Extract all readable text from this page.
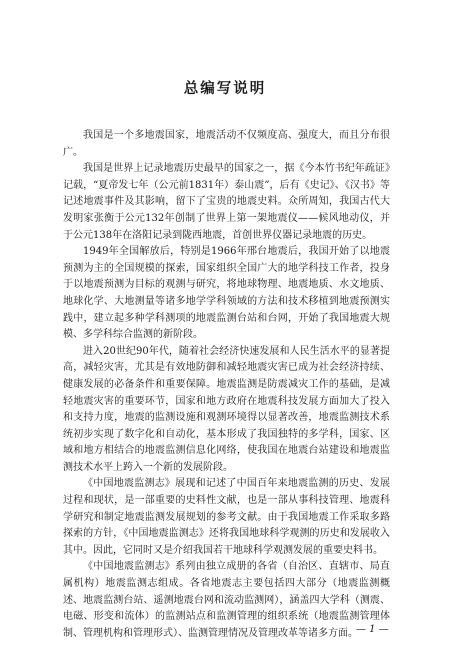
总编写说明

我国是一个多地震国家，地震活动不仅频度高、强度大，而且分布很广。

我国是世界上记录地震历史最早的国家之一，据《今本竹书纪年疏证》记载，“夏帝发七年（公元前1831年）泰山震”，后有《史记》、《汉书》等记述地震事件及其影响，留下了宝贵的地震史料。众所周知，我国古代大发明家张衡于公元132年创制了世界上第一架地震仪——候风地动仪，并于公元138年在洛阳记录到陇西地震，首创世界仪器记录地震的历史。

1949年全国解放后，特别是1966年邢台地震后，我国开始了以地震预测为主的全国规模的探索，国家组织全国广大的地学科技工作者，投身于以地震预测为目标的观测与研究，将地球物理、地震地质、水文地质、地球化学、大地测量等诸多地学学科领域的方法和技术移植到地震预测实践中，建立起多种学科测项的地震监测台站和台网，开始了我国地震大规模、多学科综合监测的新阶段。

进入20世纪90年代，随着社会经济快速发展和人民生活水平的显著提高，减轻灾害，尤其是有效地防御和减轻地震灾害已成为社会经济持续、健康发展的必备条件和重要保障。地震监测是防震减灾工作的基础，是减轻地震灾害的重要环节，国家和地方政府在地震科技发展方面加大了投入和支持力度，地震的监测设施和观测环境得以显著改善，地震监测技术系统初步实现了数字化和自动化，基本形成了我国独特的多学科，国家、区域和地方相结合的地震监测信息化网络，使我国在地震台站建设和地震监测技术水平上跨入一个新的发展阶段。

《中国地震监测志》展现和记述了中国百年来地震监测的历史、发展过程和现状，是一部重要的史料性文献，也是一部从事科技管理、地震科学研究和制定地震监测发展规划的参考文献。由于我国地震工作采取多路探索的方针，《中国地震监测志》还将我国地球科学观测的历史和发展收入其中。因此，它同时又是介绍我国若干地球科学观测发展的重要史料书。

《中国地震监测志》系列由独立成册的各省（自治区、直辖市、局直属机构）地震监测志组成。各省地震志主要包括四大部分（地震监测概述、地震监测台站、遥测地震台网和流动监测网），涵盖四大学科（测震、电磁、形变和流体）的监测站点和监测管理的组织系统（地震监测管理体制、管理机构和管理形式）、监测管理情况及管理改革等诸多方面。

— 1 —
